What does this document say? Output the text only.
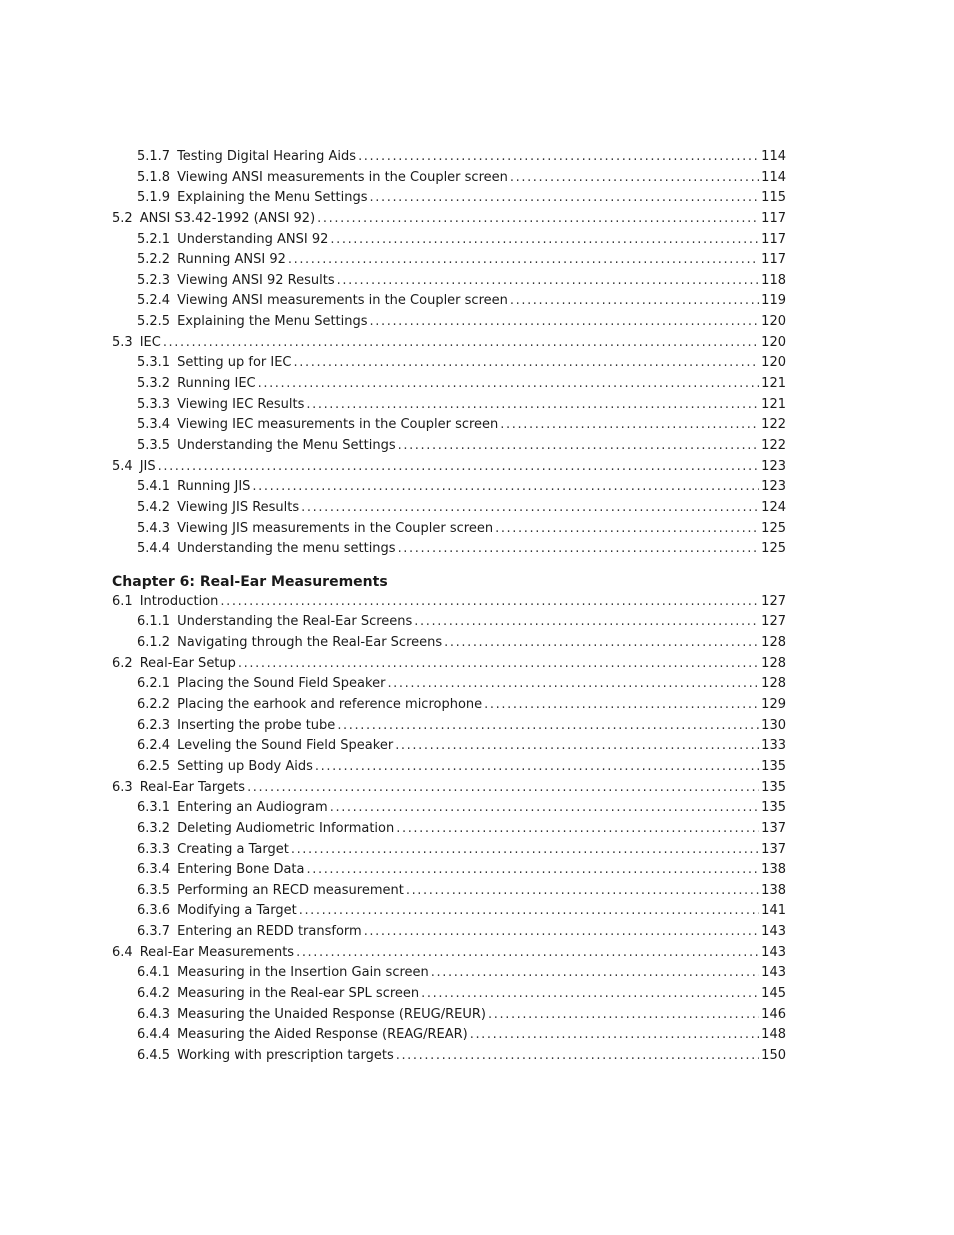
5.1.7 Testing Digital Hearing Aids .....	114
5.1.8 Viewing ANSI measurements in the Coupler screen .....	114
5.1.9 Explaining the Menu Settings .....	115
5.2 ANSI S3.42-1992 (ANSI 92) .....	117
5.2.1 Understanding ANSI 92 .....	117
5.2.2 Running ANSI 92 .....	117
5.2.3 Viewing ANSI 92 Results .....	118
5.2.4 Viewing ANSI measurements in the Coupler screen .....	119
5.2.5 Explaining the Menu Settings .....	120
5.3 IEC .....	120
5.3.1 Setting up for IEC .....	120
5.3.2 Running IEC .....	121
5.3.3 Viewing IEC Results .....	121
5.3.4 Viewing IEC measurements in the Coupler screen .....	122
5.3.5 Understanding the Menu Settings .....	122
5.4 JIS .....	123
5.4.1 Running JIS .....	123
5.4.2 Viewing JIS Results .....	124
5.4.3 Viewing JIS measurements in the Coupler screen .....	125
5.4.4 Understanding the menu settings .....	125
Chapter 6: Real-Ear Measurements
6.1 Introduction .....	127
6.1.1 Understanding the Real-Ear Screens .....	127
6.1.2 Navigating through the Real-Ear Screens .....	128
6.2 Real-Ear Setup .....	128
6.2.1 Placing the Sound Field Speaker .....	128
6.2.2 Placing the earhook and reference microphone .....	129
6.2.3 Inserting the probe tube .....	130
6.2.4 Leveling the Sound Field Speaker .....	133
6.2.5 Setting up Body Aids .....	135
6.3 Real-Ear Targets .....	135
6.3.1 Entering an Audiogram .....	135
6.3.2 Deleting Audiometric Information .....	137
6.3.3 Creating a Target .....	137
6.3.4 Entering Bone Data .....	138
6.3.5 Performing an RECD measurement .....	138
6.3.6 Modifying a Target .....	141
6.3.7 Entering an REDD transform .....	143
6.4 Real-Ear Measurements .....	143
6.4.1 Measuring in the Insertion Gain screen .....	143
6.4.2 Measuring in the Real-ear SPL screen .....	145
6.4.3 Measuring the Unaided Response (REUG/REUR) .....	146
6.4.4 Measuring the Aided Response (REAG/REAR) .....	148
6.4.5 Working with prescription targets .....	150
